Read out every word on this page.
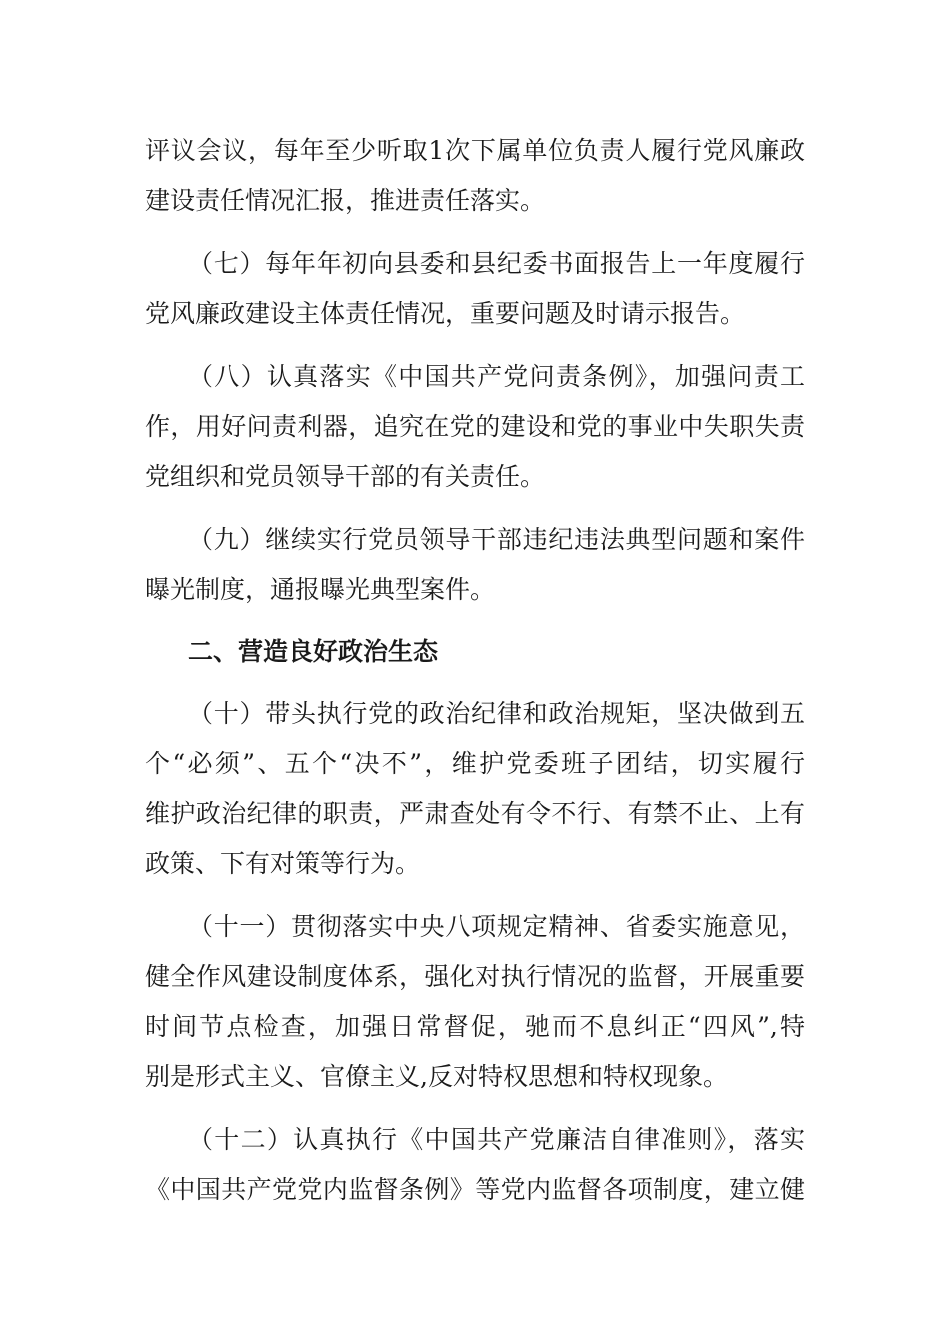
评议会议，每年至少听取1次下属单位负责人履行党风廉政
建设责任情况汇报，推进责任落实。
（七）每年年初向县委和县纪委书面报告上一年度履行
党风廉政建设主体责任情况，重要问题及时请示报告。
（八）认真落实《中国共产党问责条例》，加强问责工
作，用好问责利器，追究在党的建设和党的事业中失职失责
党组织和党员领导干部的有关责任。
（九）继续实行党员领导干部违纪违法典型问题和案件
曝光制度，通报曝光典型案件。
二、营造良好政治生态
（十）带头执行党的政治纪律和政治规矩，坚决做到五
个“必须”、五个“决不”，维护党委班子团结，切实履行
维护政治纪律的职责，严肃查处有令不行、有禁不止、上有
政策、下有对策等行为。
（十一）贯彻落实中央八项规定精神、省委实施意见，
健全作风建设制度体系，强化对执行情况的监督，开展重要
时间节点检查，加强日常督促，驰而不息纠正“四风”,特
别是形式主义、官僚主义,反对特权思想和特权现象。
（十二）认真执行《中国共产党廉洁自律准则》，落实
《中国共产党党内监督条例》等党内监督各项制度，建立健
